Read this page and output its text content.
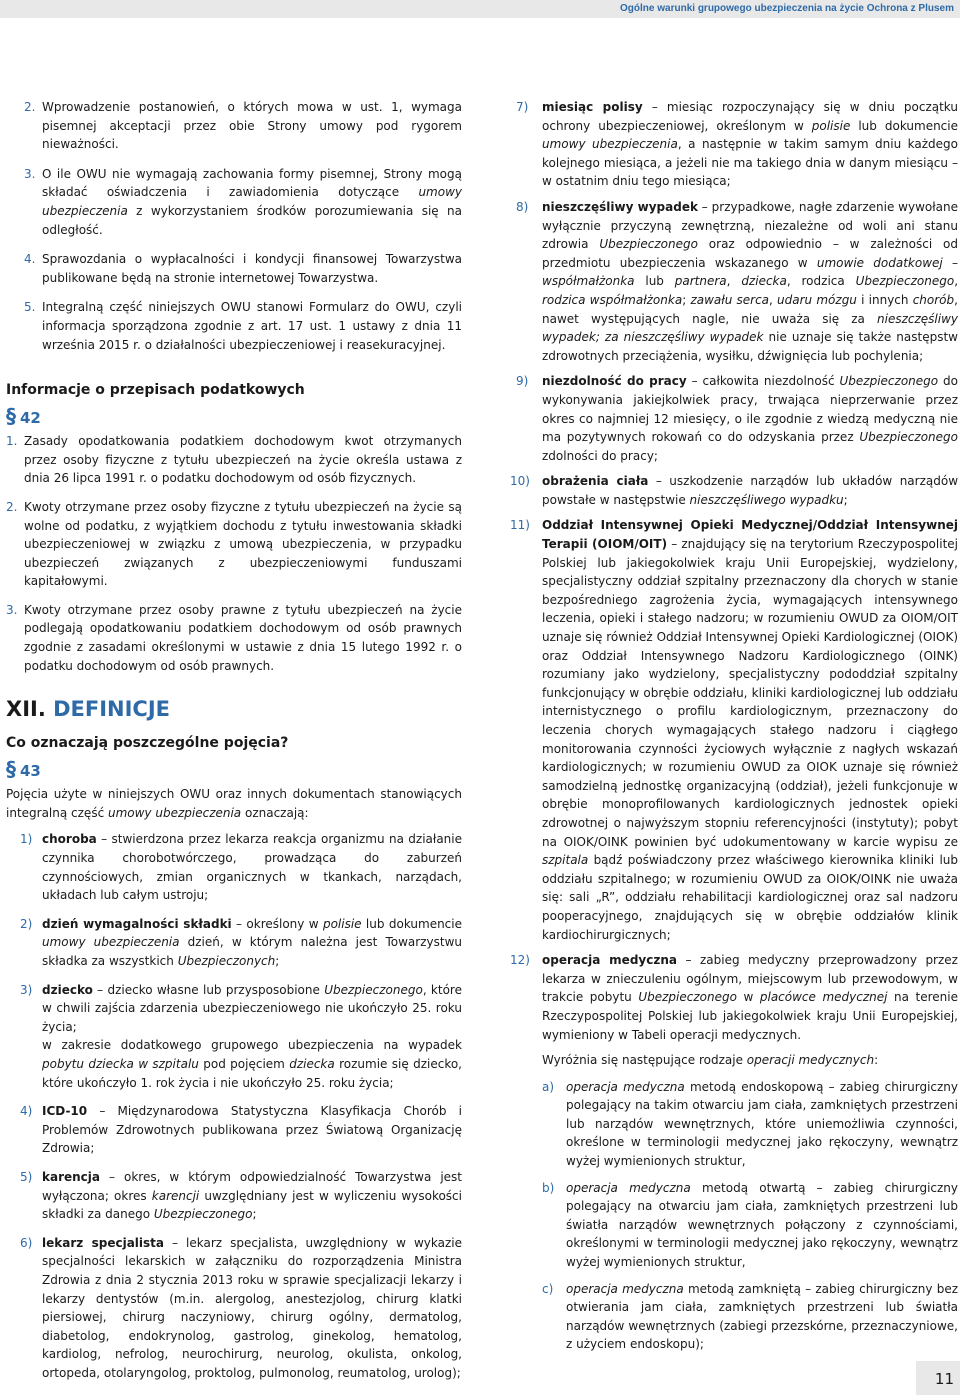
Ogólne warunki grupowego ubezpieczenia na życie Ochrona z Plusem
2. Wprowadzenie postanowień, o których mowa w ust. 1, wymaga pisemnej akceptacji przez obie Strony umowy pod rygorem nieważności.
3. O ile OWU nie wymagają zachowania formy pisemnej, Strony mogą składać oświadczenia i zawiadomienia dotyczące umowy ubezpieczenia z wykorzystaniem środków porozumiewania się na odległość.
4. Sprawozdania o wypłacalności i kondycji finansowej Towarzystwa publikowane będą na stronie internetowej Towarzystwa.
5. Integralną część niniejszych OWU stanowi Formularz do OWU, czyli informacja sporządzona zgodnie z art. 17 ust. 1 ustawy z dnia 11 września 2015 r. o działalności ubezpieczeniowej i reasekuracyjnej.
Informacje o przepisach podatkowych
§ 42
1. Zasady opodatkowania podatkiem dochodowym kwot otrzymanych przez osoby fizyczne z tytułu ubezpieczeń na życie określa ustawa z dnia 26 lipca 1991 r. o podatku dochodowym od osób fizycznych.
2. Kwoty otrzymane przez osoby fizyczne z tytułu ubezpieczeń na życie są wolne od podatku, z wyjątkiem dochodu z tytułu inwestowania składki ubezpieczeniowej w związku z umową ubezpieczenia, w przypadku ubezpieczeń związanych z ubezpieczeniowymi funduszami kapitałowymi.
3. Kwoty otrzymane przez osoby prawne z tytułu ubezpieczeń na życie podlegają opodatkowaniu podatkiem dochodowym od osób prawnych zgodnie z zasadami określonymi w ustawie z dnia 15 lutego 1992 r. o podatku dochodowym od osób prawnych.
XII. DEFINICJE
Co oznaczają poszczególne pojęcia?
§ 43

Pojęcia użyte w niniejszych OWU oraz innych dokumentach stanowiących integralną część umowy ubezpieczenia oznaczają:

1) choroba – stwierdzona przez lekarza reakcja organizmu na działanie czynnika chorobotwórczego, prowadząca do zaburzeń czynnościowych, zmian organicznych w tkankach, narządach, układach lub całym ustroju;
2) dzień wymagalności składki – określony w polisie lub dokumencie umowy ubezpieczenia dzień, w którym należna jest Towarzystwu składka za wszystkich Ubezpieczonych;
3) dziecko – dziecko własne lub przysposobione Ubezpieczonego, które w chwili zajścia zdarzenia ubezpieczeniowego nie ukończyło 25. roku życia;
w zakresie dodatkowego grupowego ubezpieczenia na wypadek pobytu dziecka w szpitalu pod pojęciem dziecka rozumie się dziecko, które ukończyło 1. rok życia i nie ukończyło 25. roku życia;
4) ICD-10 – Międzynarodowa Statystyczna Klasyfikacja Chorób i Problemów Zdrowotnych publikowana przez Światową Organizację Zdrowia;
5) karencja – okres, w którym odpowiedzialność Towarzystwa jest wyłączona; okres karencji uwzględniany jest w wyliczeniu wysokości składki za danego Ubezpieczonego;
6) lekarz specjalista – lekarz specjalista, uwzględniony w wykazie specjalności lekarskich w załączniku do rozporządzenia Ministra Zdrowia z dnia 2 stycznia 2013 roku w sprawie specjalizacji lekarzy i lekarzy dentystów (m.in. alergolog, anestezjolog, chirurg klatki piersiowej, chirurg naczyniowy, chirurg ogólny, dermatolog, diabetolog, endokrynolog, gastrolog, ginekolog, hematolog, kardiolog, nefrolog, neurochirurg, neurolog, okulista, onkolog, ortopeda, otolaryngolog, proktolog, pulmonolog, reumatolog, urolog);
7) miesiąc polisy – miesiąc rozpoczynający się w dniu początku ochrony ubezpieczeniowej, określonym w polisie lub dokumencie umowy ubezpieczenia, a następnie w takim samym dniu każdego kolejnego miesiąca, a jeżeli nie ma takiego dnia w danym miesiącu – w ostatnim dniu tego miesiąca;
8) nieszczęśliwy wypadek – przypadkowe, nagłe zdarzenie wywołane wyłącznie przyczyną zewnętrzną, niezależne od woli ani stanu zdrowia Ubezpieczonego oraz odpowiednio – w zależności od przedmiotu ubezpieczenia wskazanego w umowie dodatkowej – współmałżonka lub partnera, dziecka, rodzica Ubezpieczonego, rodzica współmałżonka; zawału serca, udaru mózgu i innych chorób, nawet występujących nagle, nie uważa się za nieszczęśliwy wypadek; za nieszczęśliwy wypadek nie uznaje się także następstw zdrowotnych przeciążenia, wysiłku, dźwignięcia lub pochylenia;
9) niezdolność do pracy – całkowita niezdolność Ubezpieczonego do wykonywania jakiejkolwiek pracy, trwająca nieprzerwanie przez okres co najmniej 12 miesięcy, o ile zgodnie z wiedzą medyczną nie ma pozytywnych rokowań co do odzyskania przez Ubezpieczonego zdolności do pracy;
10) obrażenia ciała – uszkodzenie narządów lub układów narządów powstałe w następstwie nieszczęśliwego wypadku;
11) Oddział Intensywnej Opieki Medycznej/Oddział Intensywnej Terapii (OIOM/OIT) – znajdujący się na terytorium Rzeczypospolitej Polskiej lub jakiegokolwiek kraju Unii Europejskiej, wydzielony, specjalistyczny oddział szpitalny przeznaczony dla chorych w stanie bezpośredniego zagrożenia życia, wymagających intensywnego leczenia, opieki i stałego nadzoru; w rozumieniu OWUD za OIOM/OIT uznaje się również Oddział Intensywnej Opieki Kardiologicznej (OIOK) oraz Oddział Intensywnego Nadzoru Kardiologicznego (OINK) rozumiany jako wydzielony, specjalistyczny pododdział szpitalny funkcjonujący w obrębie oddziału, kliniki kardiologicznej lub oddziału internistycznego o profilu kardiologicznym, przeznaczony do leczenia chorych wymagających stałego nadzoru i ciągłego monitorowania czynności życiowych wyłącznie z nagłych wskazań kardiologicznych; w rozumieniu OWUD za OIOK uznaje się również samodzielną jednostkę organizacyjną (oddział), jeżeli funkcjonuje w obrębie monoprofilowanych kardiologicznych jednostek opieki zdrowotnej o najwyższym stopniu referencyjności (instytuty); pobyt na OIOK/OINK powinien być udokumentowany w karcie wypisu ze szpitala bądź poświadczony przez właściwego kierownika kliniki lub oddziału szpitalnego; w rozumieniu OWUD za OIOK/OINK nie uważa się: sali „R”, oddziału rehabilitacji kardiologicznej oraz sal nadzoru pooperacyjnego, znajdujących się w obrębie oddziałów klinik kardiochirurgicznych;
12) operacja medyczna – zabieg medyczny przeprowadzony przez lekarza w znieczuleniu ogólnym, miejscowym lub przewodowym, w trakcie pobytu Ubezpieczonego w placówce medycznej na terenie Rzeczypospolitej Polskiej lub jakiegokolwiek kraju Unii Europejskiej, wymieniony w Tabeli operacji medycznych.

Wyróżnia się następujące rodzaje operacji medycznych:

a) operacja medyczna metodą endoskopową – zabieg chirurgiczny polegający na takim otwarciu jam ciała, zamkniętych przestrzeni lub narządów wewnętrznych, które uniemożliwia czynności, określone w terminologii medycznej jako rękoczyny, wewnątrz wyżej wymienionych struktur,
b) operacja medyczna metodą otwartą – zabieg chirurgiczny polegający na otwarciu jam ciała, zamkniętych przestrzeni lub światła narządów wewnętrznych połączony z czynnościami, określonymi w terminologii medycznej jako rękoczyny, wewnątrz wyżej wymienionych struktur,
c) operacja medyczna metodą zamkniętą – zabieg chirurgiczny bez otwierania jam ciała, zamkniętych przestrzeni lub światła narządów wewnętrznych (zabiegi przezskórne, przeznaczyniowe, z użyciem endoskopu);
11
